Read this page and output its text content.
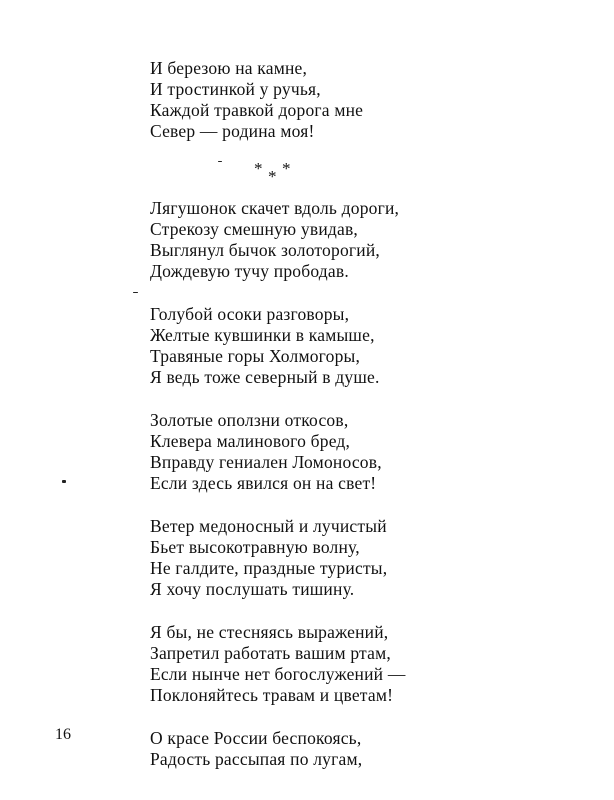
И березою на камне,
И тростинкой у ручья,
Каждой травкой дорога мне
Север — родина моя!
* * *
Лягушонок скачет вдоль дороги,
Стрекозу смешную увидав,
Выглянул бычок золоторогий,
Дождевую тучу прободав.
Голубой осоки разговоры,
Желтые кувшинки в камыше,
Травяные горы Холмогоры,
Я ведь тоже северный в душе.
Золотые оползни откосов,
Клевера малинового бред,
Вправду гениален Ломоносов,
Если здесь явился он на свет!
Ветер медоносный и лучистый
Бьет высокотравную волну,
Не галдите, праздные туристы,
Я хочу послушать тишину.
Я бы, не стесняясь выражений,
Запретил работать вашим ртам,
Если нынче нет богослужений —
Поклоняйтесь травам и цветам!
О красе России беспокоясь,
Радость рассыпая по лугам,
16
